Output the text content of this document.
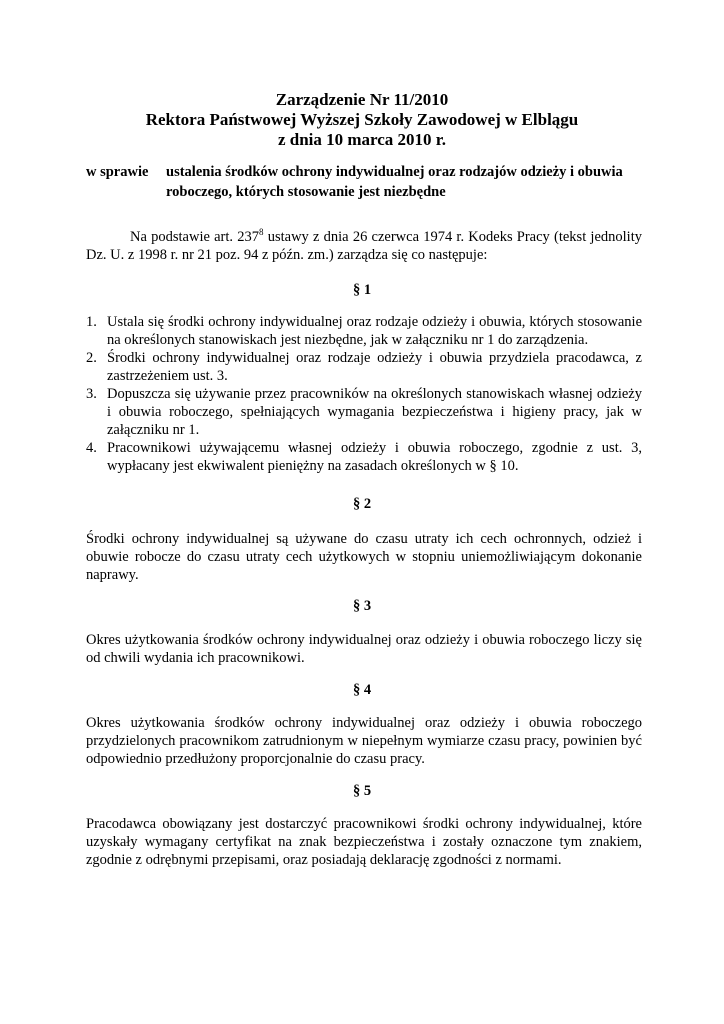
Zarządzenie Nr 11/2010
Rektora Państwowej Wyższej Szkoły Zawodowej w Elblągu
z dnia 10 marca 2010 r.
w sprawie ustalenia środków ochrony indywidualnej oraz rodzajów odzieży i obuwia
roboczego, których stosowanie jest niezbędne
Na podstawie art. $237^8$ ustawy z dnia 26 czerwca 1974 r. Kodeks Pracy (tekst jednolity Dz. U. z 1998 r. nr 21 poz. 94 z późn. zm.) zarządza się co następuje:
§ 1
1. Ustala się środki ochrony indywidualnej oraz rodzaje odzieży i obuwia, których stosowanie na określonych stanowiskach jest niezbędne, jak w załączniku nr 1 do zarządzenia.
2. Środki ochrony indywidualnej oraz rodzaje odzieży i obuwia przydziela pracodawca, z zastrzeżeniem ust. 3.
3. Dopuszcza się używanie przez pracowników na określonych stanowiskach własnej odzieży i obuwia roboczego, spełniających wymagania bezpieczeństwa i higieny pracy, jak w załączniku nr 1.
4. Pracownikowi używającemu własnej odzieży i obuwia roboczego, zgodnie z ust. 3, wypłacany jest ekwiwalent pieniężny na zasadach określonych w § 10.
§ 2
Środki ochrony indywidualnej są używane do czasu utraty ich cech ochronnych, odzież i obuwie robocze do czasu utraty cech użytkowych w stopniu uniemożliwiającym dokonanie naprawy.
§ 3
Okres użytkowania środków ochrony indywidualnej oraz odzieży i obuwia roboczego liczy się od chwili wydania ich pracownikowi.
§ 4
Okres użytkowania środków ochrony indywidualnej oraz odzieży i obuwia roboczego przydzielonych pracownikom zatrudnionym w niepełnym wymiarze czasu pracy, powinien być odpowiednio przedłużony proporcjonalnie do czasu pracy.
§ 5
Pracodawca obowiązany jest dostarczyć pracownikowi środki ochrony indywidualnej, które uzyskały wymagany certyfikat na znak bezpieczeństwa i zostały oznaczone tym znakiem, zgodnie z odrębnymi przepisami, oraz posiadają deklarację zgodności z normami.
